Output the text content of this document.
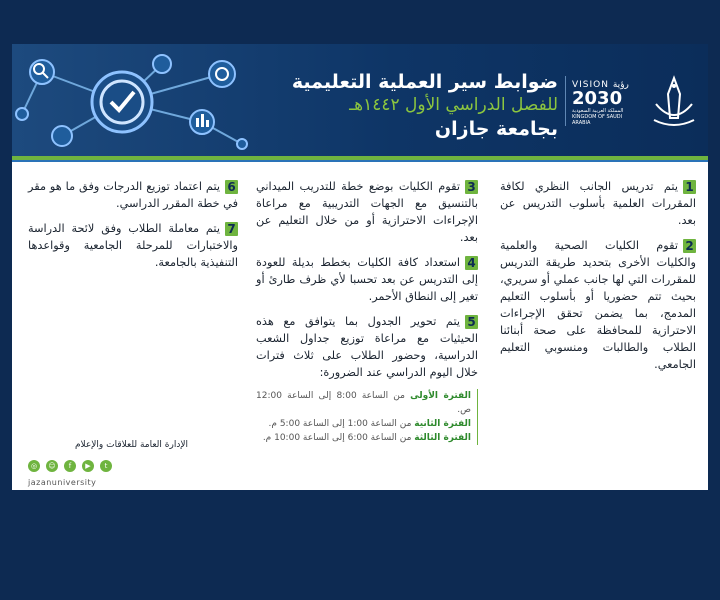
ضوابط سير العملية التعليمية
للفصل الدراسي الأول ١٤٤٢هـ
بجامعة جازان
VISION رؤية
2030
المملكة العربية السعودية KINGDOM OF SAUDI ARABIA
1يتم تدريس الجانب النظري لكافة المقررات العلمية بأسلوب التدريس عن بعد.
2تقوم الكليات الصحية والعلمية والكليات الأخرى بتحديد طريقة التدريس للمقررات التي لها جانب عملي أو سريري، بحيث تتم حضوريا أو بأسلوب التعليم المدمج، بما يضمن تحقق الإجراءات الاحترازية للمحافظة على صحة أبنائنا الطلاب والطالبات ومنسوبي التعليم الجامعي.
3تقوم الكليات بوضع خطة للتدريب الميداني بالتنسيق مع الجهات التدريبية مع مراعاة الإجراءات الاحترازية أو من خلال التعليم عن بعد.
4استعداد كافة الكليات بخطط بديلة للعودة إلى التدريس عن بعد تحسبا لأي ظرف طارئ أو تغير إلى النطاق الأحمر.
5يتم تحوير الجدول بما يتوافق مع هذه الحيثيات مع مراعاة توزيع جداول الشعب الدراسية، وحضور الطلاب على ثلاث فترات خلال اليوم الدراسي عند الضرورة:
الفترة الأولى من الساعة 8:00 إلى الساعة 12:00 ص.
الفترة الثانية من الساعة 1:00 إلى الساعة 5:00 م.
الفترة الثالثة من الساعة 6:00 إلى الساعة 10:00 م.
6يتم اعتماد توزيع الدرجات وفق ما هو مقر في خطة المقرر الدراسي.
7يتم معاملة الطلاب وفق لائحة الدراسة والاختبارات للمرحلة الجامعية وقواعدها التنفيذية بالجامعة.
الإدارة العامة للعلاقات والإعلام
◎	☺	f	▶	t
jazanuniversity
